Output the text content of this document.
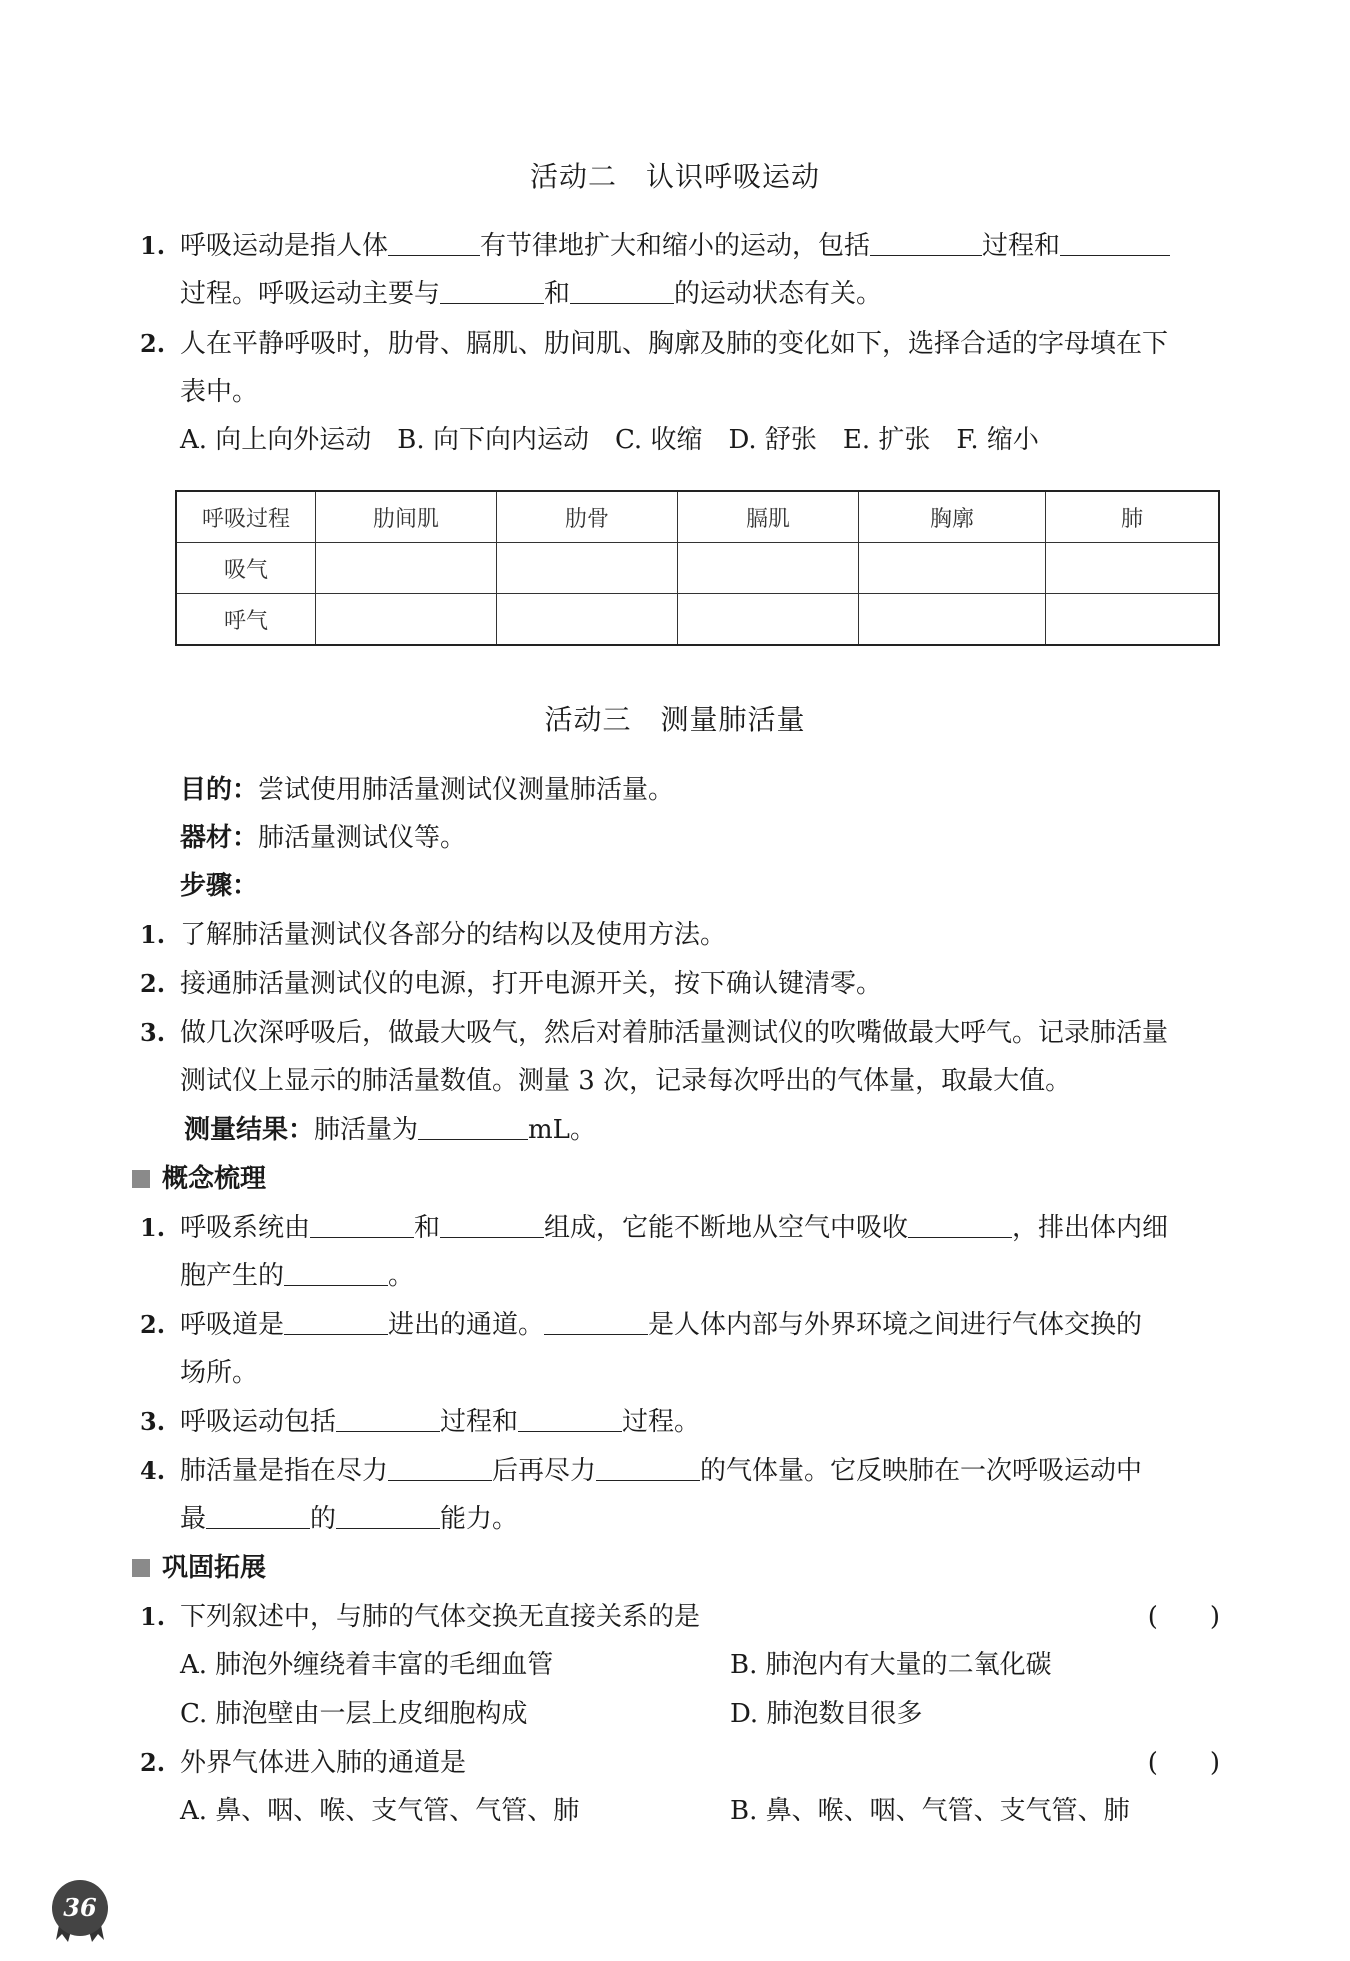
活动二　认识呼吸运动
1. 呼吸运动是指人体	有节律地扩大和缩小的运动，包括	过程和
过程。呼吸运动主要与	和	的运动状态有关。
2. 人在平静呼吸时，肋骨、膈肌、肋间肌、胸廓及肺的变化如下，选择合适的字母填在下
表中。
A. 向上向外运动　B. 向下向内运动　C. 收缩　D. 舒张　E. 扩张　F. 缩小
呼吸过程	肋间肌	肋骨	膈肌	胸廓	肺
吸气					
呼气					
活动三　测量肺活量
目的：尝试使用肺活量测试仪测量肺活量。
器材：肺活量测试仪等。
步骤：
1. 了解肺活量测试仪各部分的结构以及使用方法。
2. 接通肺活量测试仪的电源，打开电源开关，按下确认键清零。
3. 做几次深呼吸后，做最大吸气，然后对着肺活量测试仪的吹嘴做最大呼气。记录肺活量
测试仪上显示的肺活量数值。测量 3 次，记录每次呼出的气体量，取最大值。
测量结果：肺活量为	mL。
概念梳理
1. 呼吸系统由	和	组成，它能不断地从空气中吸收	，排出体内细
胞产生的	。
2. 呼吸道是	进出的通道。	是人体内部与外界环境之间进行气体交换的
场所。
3. 呼吸运动包括	过程和	过程。
4. 肺活量是指在尽力	后再尽力	的气体量。它反映肺在一次呼吸运动中
最	的	能力。
巩固拓展
1. 下列叙述中，与肺的气体交换无直接关系的是	(　　)
A. 肺泡外缠绕着丰富的毛细血管	B. 肺泡内有大量的二氧化碳
C. 肺泡壁由一层上皮细胞构成	D. 肺泡数目很多
2. 外界气体进入肺的通道是	(　　)
A. 鼻、咽、喉、支气管、气管、肺	B. 鼻、喉、咽、气管、支气管、肺
36
